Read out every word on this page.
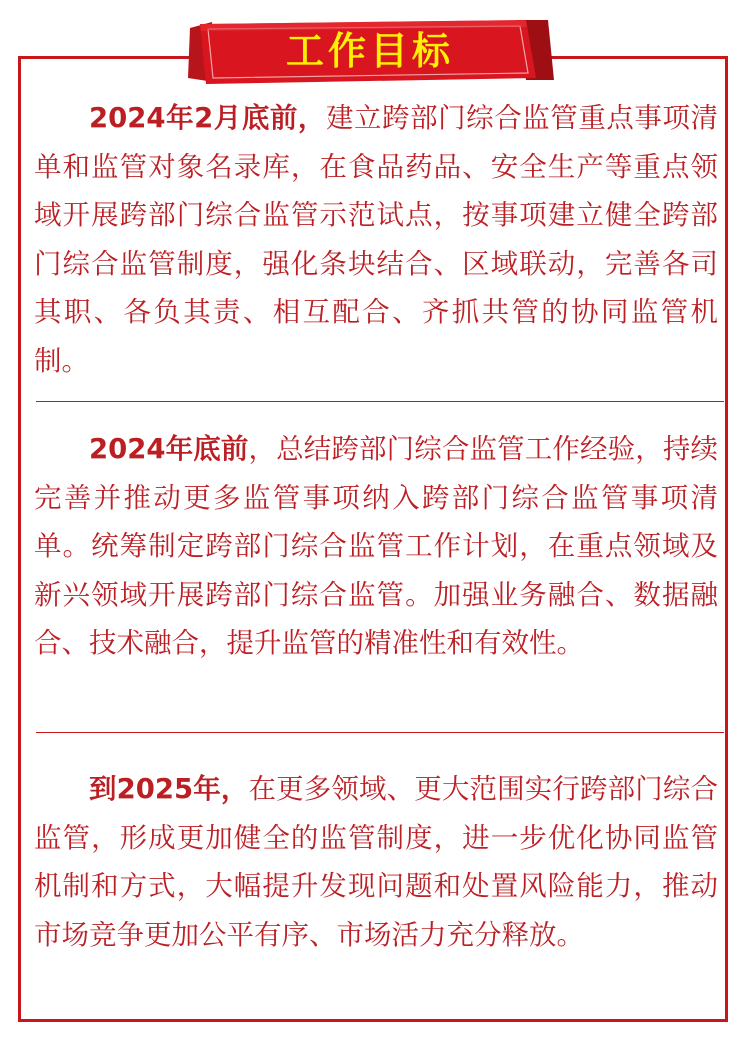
工作目标
2024年2月底前，建立跨部门综合监管重点事项清单和监管对象名录库，在食品药品、安全生产等重点领域开展跨部门综合监管示范试点，按事项建立健全跨部门综合监管制度，强化条块结合、区域联动，完善各司其职、各负其责、相互配合、齐抓共管的协同监管机制。
2024年底前，总结跨部门综合监管工作经验，持续完善并推动更多监管事项纳入跨部门综合监管事项清单。统筹制定跨部门综合监管工作计划，在重点领域及新兴领域开展跨部门综合监管。加强业务融合、数据融合、技术融合，提升监管的精准性和有效性。
到2025年，在更多领域、更大范围实行跨部门综合监管，形成更加健全的监管制度，进一步优化协同监管机制和方式，大幅提升发现问题和处置风险能力，推动市场竞争更加公平有序、市场活力充分释放。
